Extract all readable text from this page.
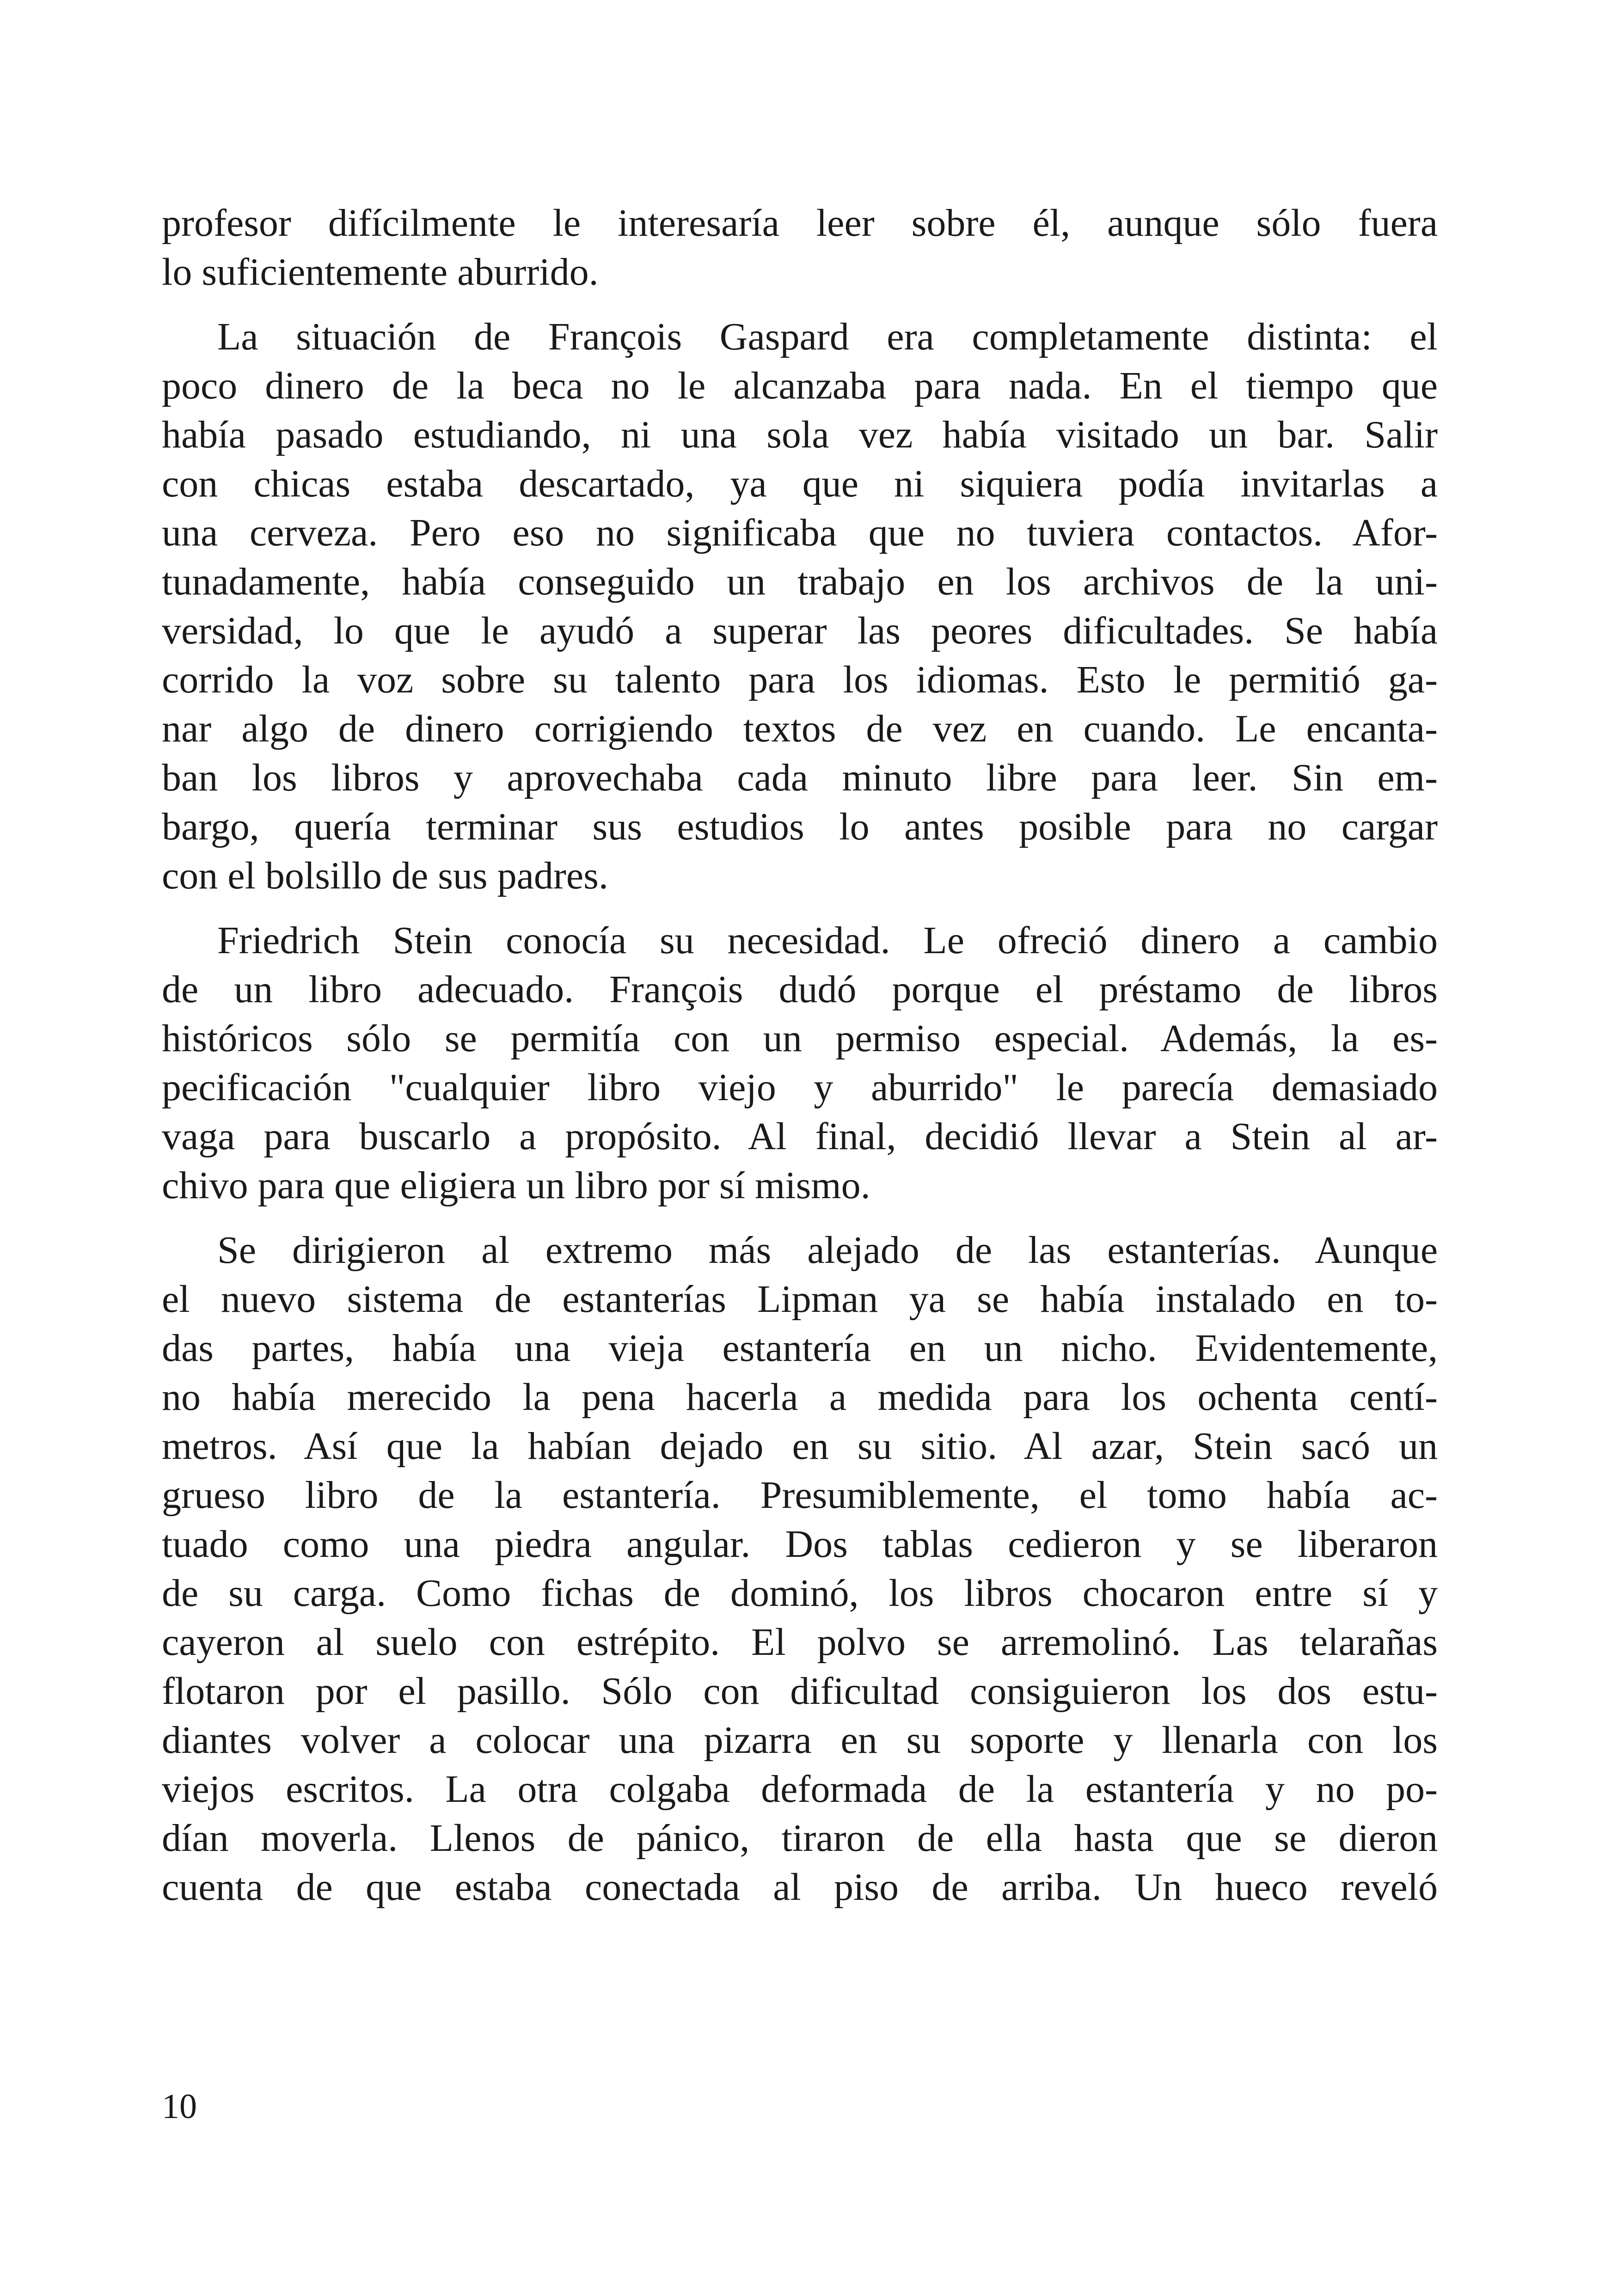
profesor difícilmente le interesaría leer sobre él, aunque sólo fuera
lo suficientemente aburrido.

La situación de François Gaspard era completamente distinta: el
poco dinero de la beca no le alcanzaba para nada. En el tiempo que
había pasado estudiando, ni una sola vez había visitado un bar. Salir
con chicas estaba descartado, ya que ni siquiera podía invitarlas a
una cerveza. Pero eso no significaba que no tuviera contactos. Afor-
tunadamente, había conseguido un trabajo en los archivos de la uni-
versidad, lo que le ayudó a superar las peores dificultades. Se había
corrido la voz sobre su talento para los idiomas. Esto le permitió ga-
nar algo de dinero corrigiendo textos de vez en cuando. Le encanta-
ban los libros y aprovechaba cada minuto libre para leer. Sin em-
bargo, quería terminar sus estudios lo antes posible para no cargar
con el bolsillo de sus padres.

Friedrich Stein conocía su necesidad. Le ofreció dinero a cambio
de un libro adecuado. François dudó porque el préstamo de libros
históricos sólo se permitía con un permiso especial. Además, la es-
pecificación "cualquier libro viejo y aburrido" le parecía demasiado
vaga para buscarlo a propósito. Al final, decidió llevar a Stein al ar-
chivo para que eligiera un libro por sí mismo.

Se dirigieron al extremo más alejado de las estanterías. Aunque
el nuevo sistema de estanterías Lipman ya se había instalado en to-
das partes, había una vieja estantería en un nicho. Evidentemente,
no había merecido la pena hacerla a medida para los ochenta centí-
metros. Así que la habían dejado en su sitio. Al azar, Stein sacó un
grueso libro de la estantería. Presumiblemente, el tomo había ac-
tuado como una piedra angular. Dos tablas cedieron y se liberaron
de su carga. Como fichas de dominó, los libros chocaron entre sí y
cayeron al suelo con estrépito. El polvo se arremolinó. Las telarañas
flotaron por el pasillo. Sólo con dificultad consiguieron los dos estu-
diantes volver a colocar una pizarra en su soporte y llenarla con los
viejos escritos. La otra colgaba deformada de la estantería y no po-
dían moverla. Llenos de pánico, tiraron de ella hasta que se dieron
cuenta de que estaba conectada al piso de arriba. Un hueco reveló

10
